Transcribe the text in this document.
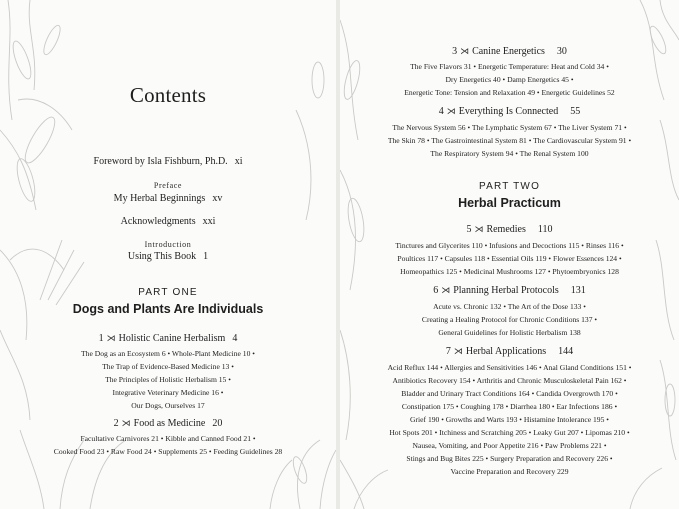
Contents
Foreword by Isla Fishburn, Ph.D. xi
Preface
My Herbal Beginnings xv
Acknowledgments xxi
Introduction
Using This Book 1
PART ONE
Dogs and Plants Are Individuals
1 ⋊ Holistic Canine Herbalism 4
The Dog as an Ecosystem 6 • Whole-Plant Medicine 10 •
The Trap of Evidence-Based Medicine 13 •
The Principles of Holistic Herbalism 15 •
Integrative Veterinary Medicine 16 •
Our Dogs, Ourselves 17
2 ⋊ Food as Medicine 20
Facultative Carnivores 21 • Kibble and Canned Food 21 •
Cooked Food 23 • Raw Food 24 • Supplements 25 • Feeding Guidelines 28
3 ⋊ Canine Energetics 30
The Five Flavors 31 • Energetic Temperature: Heat and Cold 34 •
Dry Energetics 40 • Damp Energetics 45 •
Energetic Tone: Tension and Relaxation 49 • Energetic Guidelines 52
4 ⋊ Everything Is Connected 55
The Nervous System 56 • The Lymphatic System 67 • The Liver System 71 •
The Skin 78 • The Gastrointestinal System 81 • The Cardiovascular System 91 •
The Respiratory System 94 • The Renal System 100
PART TWO
Herbal Practicum
5 ⋊ Remedies 110
Tinctures and Glycerites 110 • Infusions and Decoctions 115 • Rinses 116 •
Poultices 117 • Capsules 118 • Essential Oils 119 • Flower Essences 124 •
Homeopathics 125 • Medicinal Mushrooms 127 • Phytoembryonics 128
6 ⋊ Planning Herbal Protocols 131
Acute vs. Chronic 132 • The Art of the Dose 133 •
Creating a Healing Protocol for Chronic Conditions 137 •
General Guidelines for Holistic Herbalism 138
7 ⋊ Herbal Applications 144
Acid Reflux 144 • Allergies and Sensitivities 146 • Anal Gland Conditions 151 •
Antibiotics Recovery 154 • Arthritis and Chronic Musculoskeletal Pain 162 •
Bladder and Urinary Tract Conditions 164 • Candida Overgrowth 170 •
Constipation 175 • Coughing 178 • Diarrhea 180 • Ear Infections 186 •
Grief 190 • Growths and Warts 193 • Histamine Intolerance 195 •
Hot Spots 201 • Itchiness and Scratching 205 • Leaky Gut 207 • Lipomas 210 •
Nausea, Vomiting, and Poor Appetite 216 • Paw Problems 221 •
Stings and Bug Bites 225 • Surgery Preparation and Recovery 226 •
Vaccine Preparation and Recovery 229
